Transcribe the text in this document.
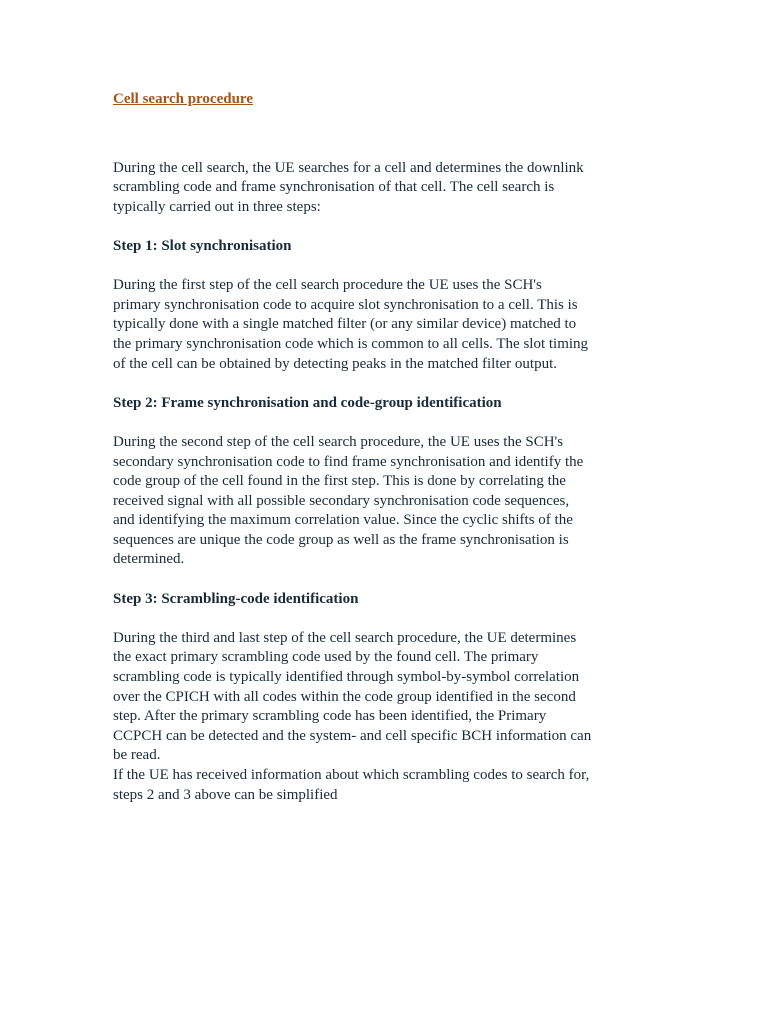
Cell search procedure

During the cell search, the UE searches for a cell and determines the downlink
scrambling code and frame synchronisation of that cell. The cell search is
typically carried out in three steps:

Step 1: Slot synchronisation

During the first step of the cell search procedure the UE uses the SCH's
primary synchronisation code to acquire slot synchronisation to a cell. This is
typically done with a single matched filter (or any similar device) matched to
the primary synchronisation code which is common to all cells. The slot timing
of the cell can be obtained by detecting peaks in the matched filter output.

Step 2: Frame synchronisation and code-group identification

During the second step of the cell search procedure, the UE uses the SCH's
secondary synchronisation code to find frame synchronisation and identify the
code group of the cell found in the first step. This is done by correlating the
received signal with all possible secondary synchronisation code sequences,
and identifying the maximum correlation value. Since the cyclic shifts of the
sequences are unique the code group as well as the frame synchronisation is
determined.

Step 3: Scrambling-code identification

During the third and last step of the cell search procedure, the UE determines
the exact primary scrambling code used by the found cell. The primary
scrambling code is typically identified through symbol-by-symbol correlation
over the CPICH with all codes within the code group identified in the second
step. After the primary scrambling code has been identified, the Primary
CCPCH can be detected and the system- and cell specific BCH information can
be read.
If the UE has received information about which scrambling codes to search for,
steps 2 and 3 above can be simplified
